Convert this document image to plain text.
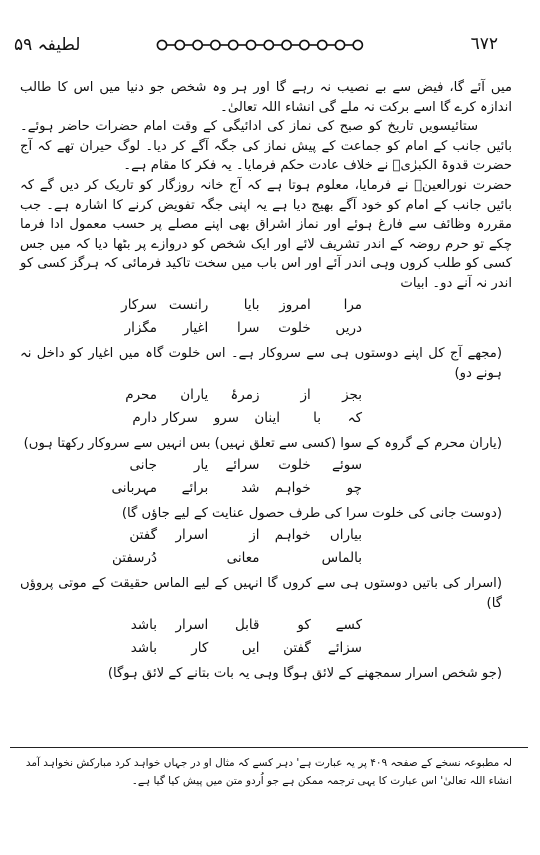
لطیفہ ۵۹	٦٧٢

میں آئے گا، فیض سے بے نصیب نہ رہے گا اور ہر وہ شخص جو دنیا میں اس کا طالب اندازہ کرے گا اسے برکت نہ ملے گی انشاء اللہ تعالیٰ۔

ستائیسویں تاریخ کو صبح کی نماز کی ادائیگی کے وقت امام حضرات حاضر ہوئے۔ بائیں جانب کے امام کو جماعت کے پیش نماز کی جگہ آگے کر دیا۔ لوگ حیران تھے کہ آج حضرت قدوۃ الکبرٰیؒ نے خلاف عادت حکم فرمایا۔ یہ فکر کا مقام ہے۔

حضرت نورالعینؒ نے فرمایا، معلوم ہوتا ہے کہ آج خانہ روزگار کو تاریک کر دیں گے کہ بائیں جانب کے امام کو خود آگے بھیج دیا ہے یہ اپنی جگہ تفویض کرنے کا اشارہ ہے۔ جب مقررہ وظائف سے فارغ ہوئے اور نماز اشراق بھی اپنے مصلے پر حسب معمول ادا فرما چکے تو حرم روضہ کے اندر تشریف لائے اور ایک شخص کو دروازے پر بٹھا دیا کہ میں جس کسی کو طلب کروں وہی اندر آئے اور اس باب میں سخت تاکید فرمائی کہ ہرگز کسی کو اندر نہ آنے دو۔ ابیات

مرا
امروز
بایا
رانست
سرکار
دریں
خلوت
سرا
اغیار
مگزار
(مجھے آج کل اپنے دوستوں ہی سے سروکار ہے۔ اس خلوت گاہ میں اغیار کو داخل نہ ہونے دو)
بجز
از
زمرۂ
یاران
محرم
کہ
با
اینان
سرو
سرکار
دارم
(یاران محرم کے گروہ کے سوا (کسی سے تعلق نہیں) بس انہیں سے سروکار رکھتا ہوں)
سوئے
خلوت
سرائے
یار
جانی
چو
خواہم
شد
برائے
مہربانی
(دوست جانی کی خلوت سرا کی طرف حصول عنایت کے لیے جاؤں گا)
بیاراں
خواہم
از
اسرار
گفتن
بالماس
معانی
دُرسفتن
(اسرار کی باتیں دوستوں ہی سے کروں گا انہیں کے لیے الماس حقیقت کے موتی پروؤں گا)
کسے
کو
قابل
اسرار
باشد
سزائے
گفتن
ایں
کار
باشد
(جو شخص اسرار سمجھنے کے لائق ہوگا وہی یہ بات بتانے کے لائق ہوگا)
لہ مطبوعہ نسخے کے صفحہ ۴۰۹ پر یہ عبارت ہے' دہر کسے کہ مثال او در جہاں خواہد کرد مبارکش نخواہد آمد انشاء اللہ تعالیٰ' اس عبارت کا یہی ترجمہ ممکن ہے جو اُردو متن میں پیش کیا گیا ہے۔
